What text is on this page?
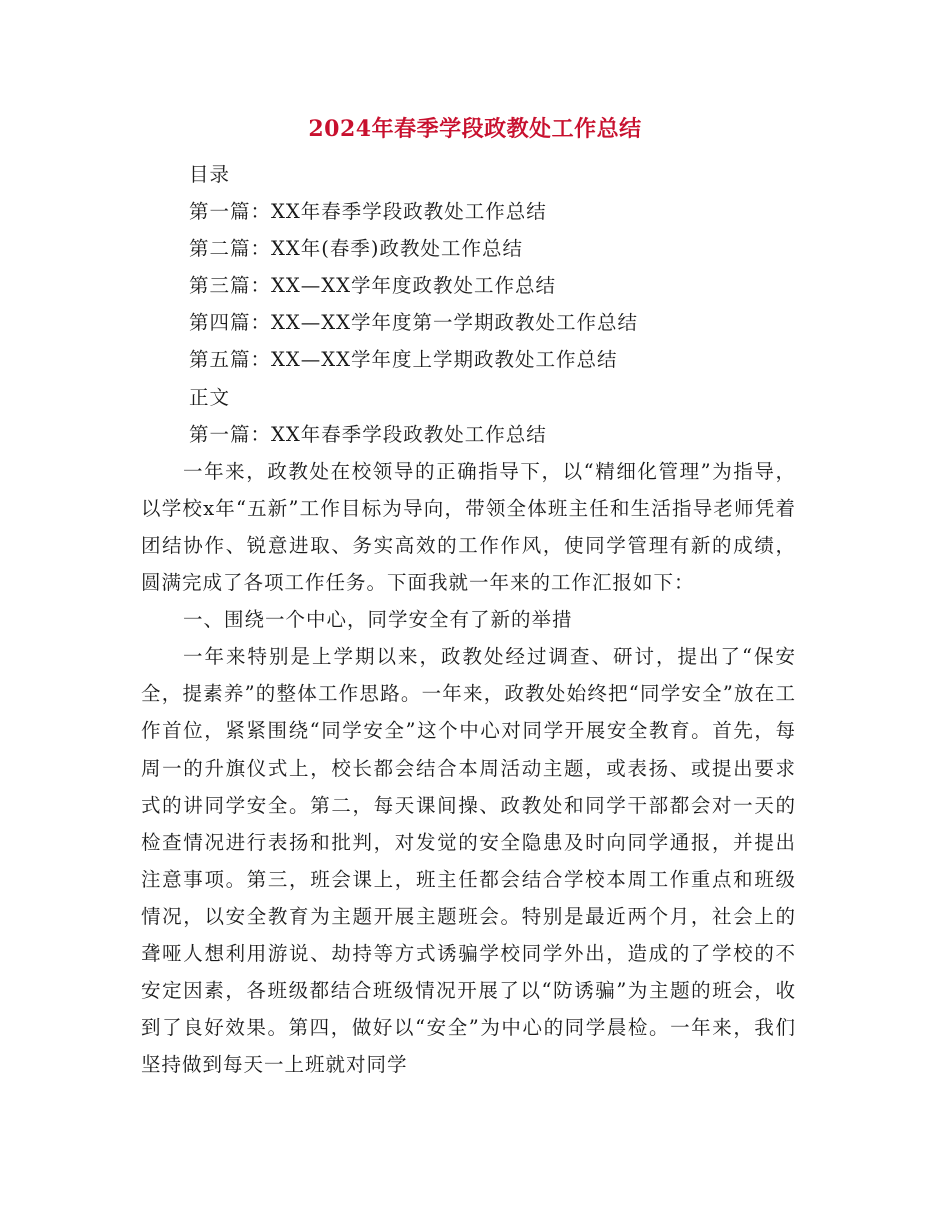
2024年春季学段政教处工作总结

目录

第一篇：XX年春季学段政教处工作总结

第二篇：XX年(春季)政教处工作总结

第三篇：XX—XX学年度政教处工作总结

第四篇：XX—XX学年度第一学期政教处工作总结

第五篇：XX—XX学年度上学期政教处工作总结

正文

第一篇：XX年春季学段政教处工作总结

一年来，政教处在校领导的正确指导下，以“精细化管理”为指导，以学校x年“五新”工作目标为导向，带领全体班主任和生活指导老师凭着团结协作、锐意进取、务实高效的工作作风，使同学管理有新的成绩，圆满完成了各项工作任务。下面我就一年来的工作汇报如下：

一、围绕一个中心，同学安全有了新的举措

一年来特别是上学期以来，政教处经过调查、研讨，提出了“保安全，提素养”的整体工作思路。一年来，政教处始终把“同学安全”放在工作首位，紧紧围绕“同学安全”这个中心对同学开展安全教育。首先，每周一的升旗仪式上，校长都会结合本周活动主题，或表扬、或提出要求式的讲同学安全。第二，每天课间操、政教处和同学干部都会对一天的检查情况进行表扬和批判，对发觉的安全隐患及时向同学通报，并提出注意事项。第三，班会课上，班主任都会结合学校本周工作重点和班级情况，以安全教育为主题开展主题班会。特别是最近两个月，社会上的聋哑人想利用游说、劫持等方式诱骗学校同学外出，造成的了学校的不安定因素，各班级都结合班级情况开展了以“防诱骗”为主题的班会，收到了良好效果。第四，做好以“安全”为中心的同学晨检。一年来，我们坚持做到每天一上班就对同学
